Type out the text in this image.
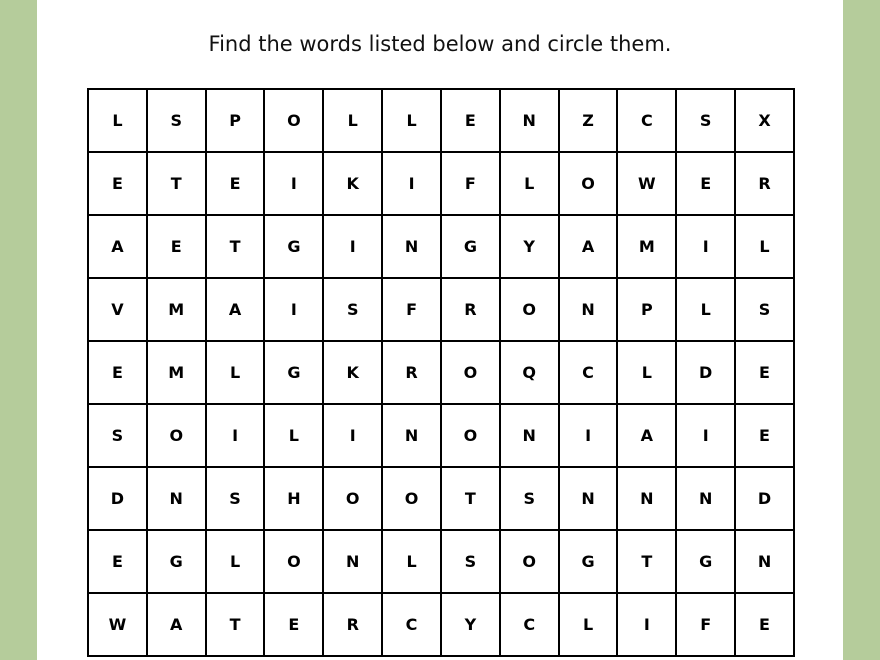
Find the words listed below and circle them.
L	S	P	O	L	L	E	N	Z	C	S	X
E	T	E	I	K	I	F	L	O	W	E	R
A	E	T	G	I	N	G	Y	A	M	I	L
V	M	A	I	S	F	R	O	N	P	L	S
E	M	L	G	K	R	O	Q	C	L	D	E
S	O	I	L	I	N	O	N	I	A	I	E
D	N	S	H	O	O	T	S	N	N	N	D
E	G	L	O	N	L	S	O	G	T	G	N
W	A	T	E	R	C	Y	C	L	I	F	E
